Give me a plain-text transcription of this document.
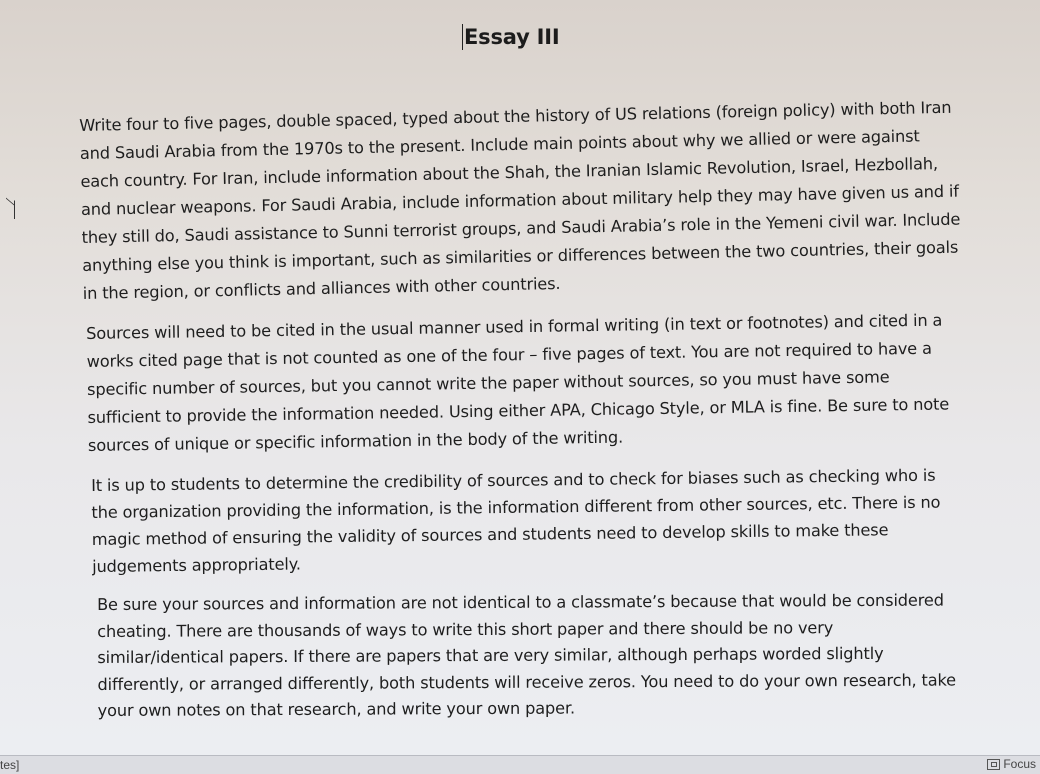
Essay III

Write four to five pages, double spaced, typed about the history of US relations (foreign policy) with both Iran and Saudi Arabia from the 1970s to the present. Include main points about why we allied or were against each country. For Iran, include information about the Shah, the Iranian Islamic Revolution, Israel, Hezbollah, and nuclear weapons. For Saudi Arabia, include information about military help they may have given us and if they still do, Saudi assistance to Sunni terrorist groups, and Saudi Arabia’s role in the Yemeni civil war. Include anything else you think is important, such as similarities or differences between the two countries, their goals in the region, or conflicts and alliances with other countries.

Sources will need to be cited in the usual manner used in formal writing (in text or footnotes) and cited in a works cited page that is not counted as one of the four – five pages of text. You are not required to have a specific number of sources, but you cannot write the paper without sources, so you must have some sufficient to provide the information needed. Using either APA, Chicago Style, or MLA is fine. Be sure to note sources of unique or specific information in the body of the writing.

It is up to students to determine the credibility of sources and to check for biases such as checking who is the organization providing the information, is the information different from other sources, etc. There is no magic method of ensuring the validity of sources and students need to develop skills to make these judgements appropriately.

Be sure your sources and information are not identical to a classmate’s because that would be considered cheating. There are thousands of ways to write this short paper and there should be no very similar/identical papers. If there are papers that are very similar, although perhaps worded slightly differently, or arranged differently, both students will receive zeros. You need to do your own research, take your own notes on that research, and write your own paper.

tes]	Focus
